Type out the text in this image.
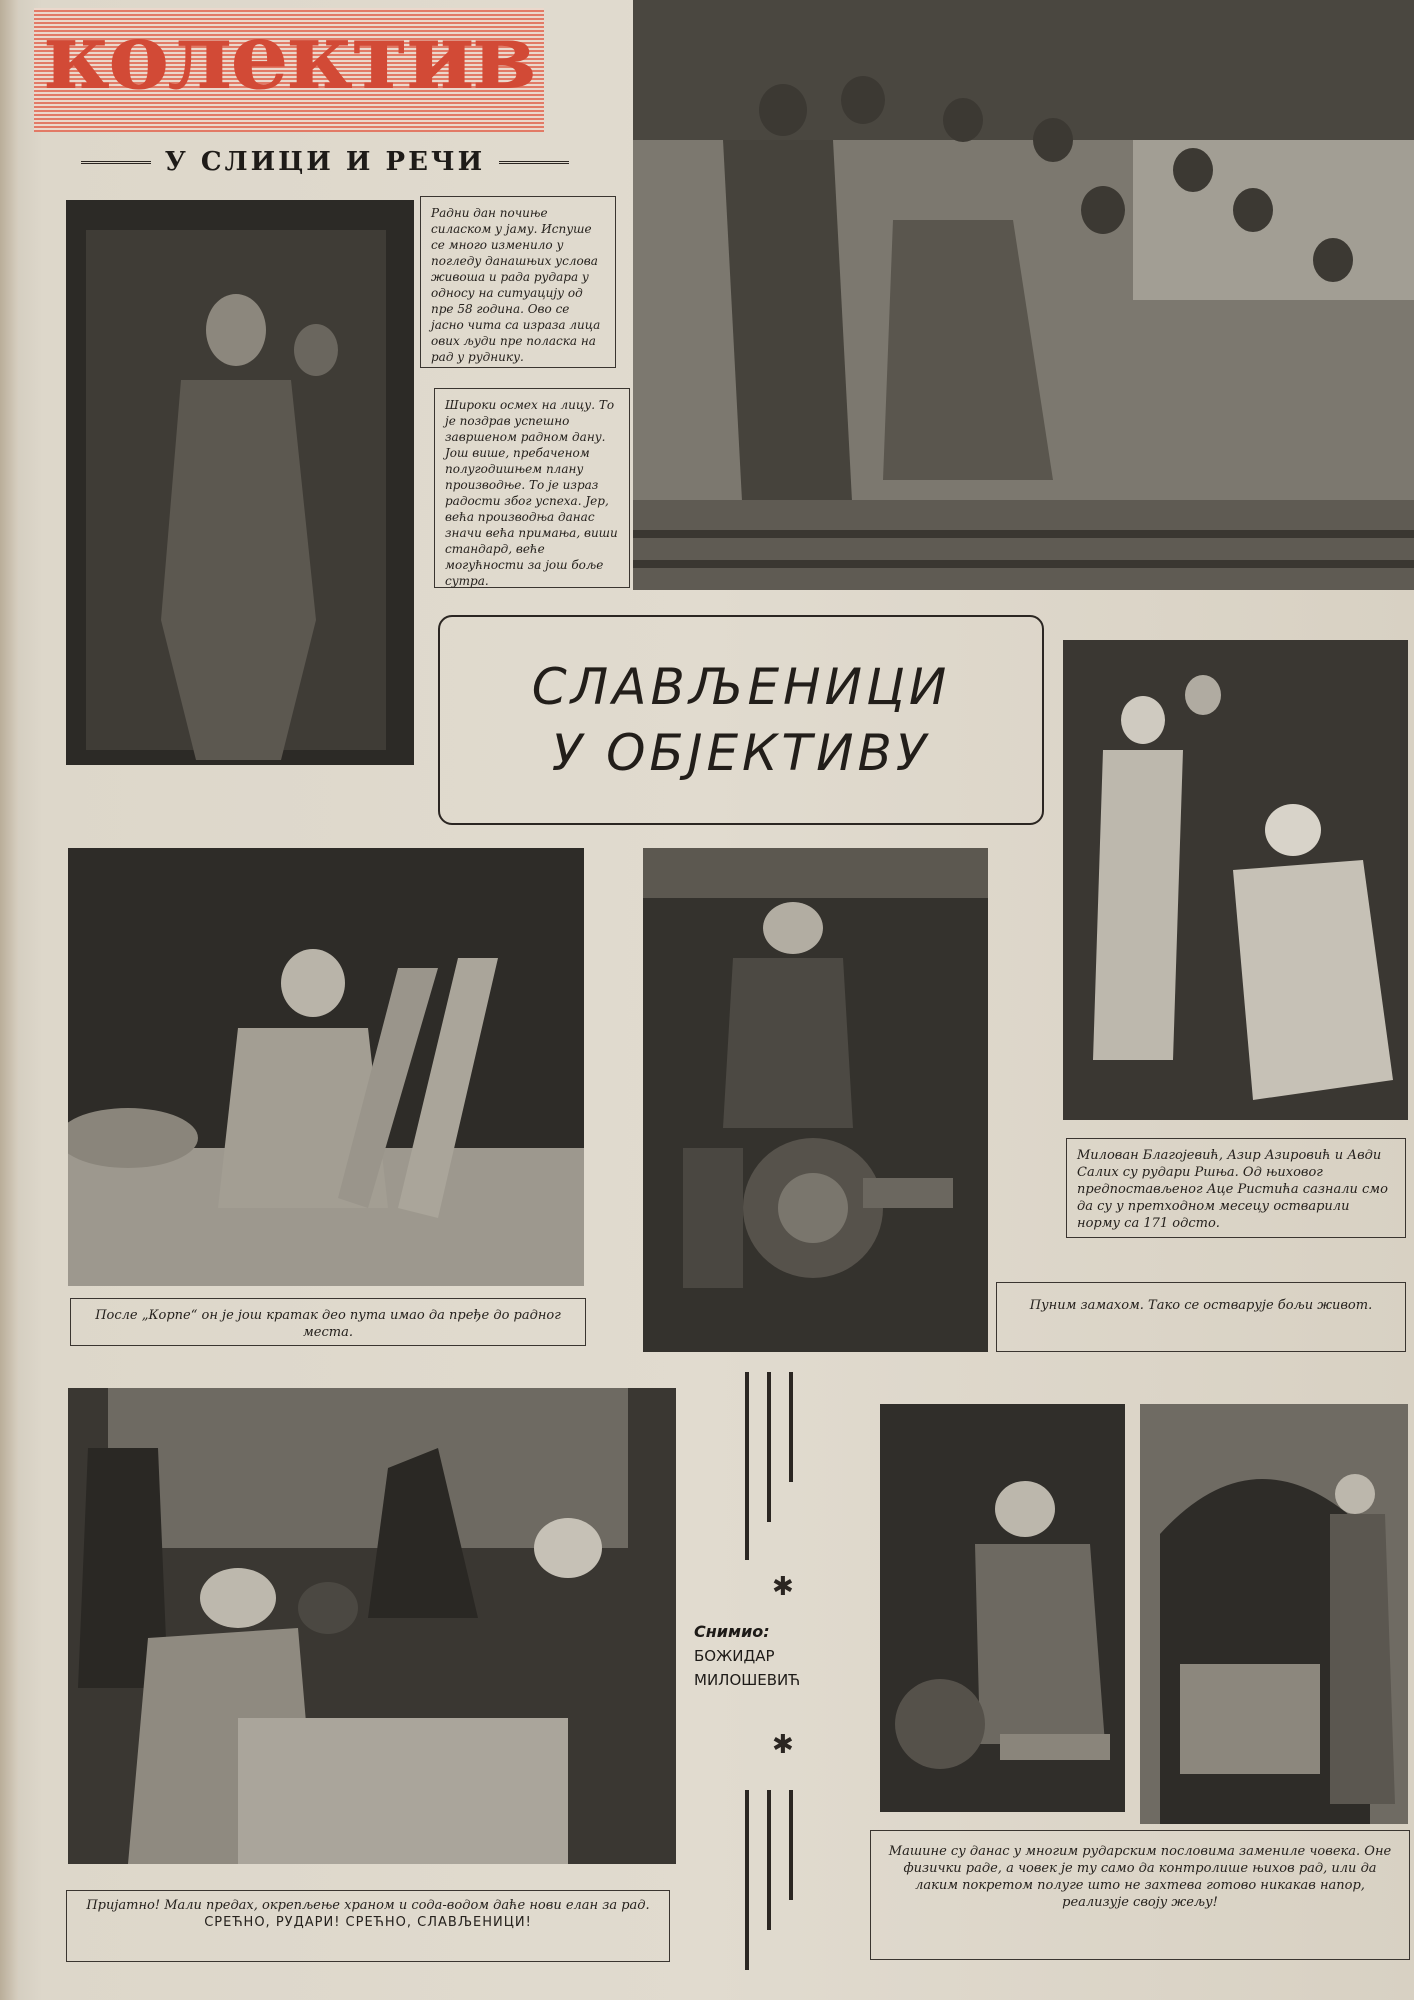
колектив
У СЛИЦИ И РЕЧИ
Радни дан почиње силаском у јаму. Испуше се много изменило у погледу данашњих услова живоша и рада рудара у односу на ситуацију од пре 58 година. Ово се јасно чита са израза лица ових људи пре поласка на рад у руднику.
Широки осмех на лицу. То је поздрав успешно завршеном радном дану. Још више, пребаченом полугодишњем плану производње. То је израз радости због успеха. Јер, већа производња данас значи већа примања, виши стандард, веће могућности за још боље сутра.
СЛАВЉЕНИЦИ
У ОБЈЕКТИВУ
Милован Благојевић, Азир Азировић и Авди Салих су рудари Ршња. Од њиховог предпостављеног Аце Ристића сазнали смо да су у претходном месецу остварили норму са 171 одсто.
После „Корпе“ он је још кратак део пута имао да пређе до радног места.
Пуним замахом. Тако се остварује бољи живот.
Пријатно! Мали предах, окрепљење храном и сода-водом даће нови елан за рад.
СРЕЋНО, РУДАРИ! СРЕЋНО, СЛАВЉЕНИЦИ!
✱
Снимио:
БОЖИДАР
МИЛОШЕВИЋ
✱
Машине су данас у многим рударским пословима замениле човека. Оне физички раде, а човек је ту само да контролише њихов рад, или да лаким покретом полуге што не захтева готово никакав напор, реализује своју жељу!
